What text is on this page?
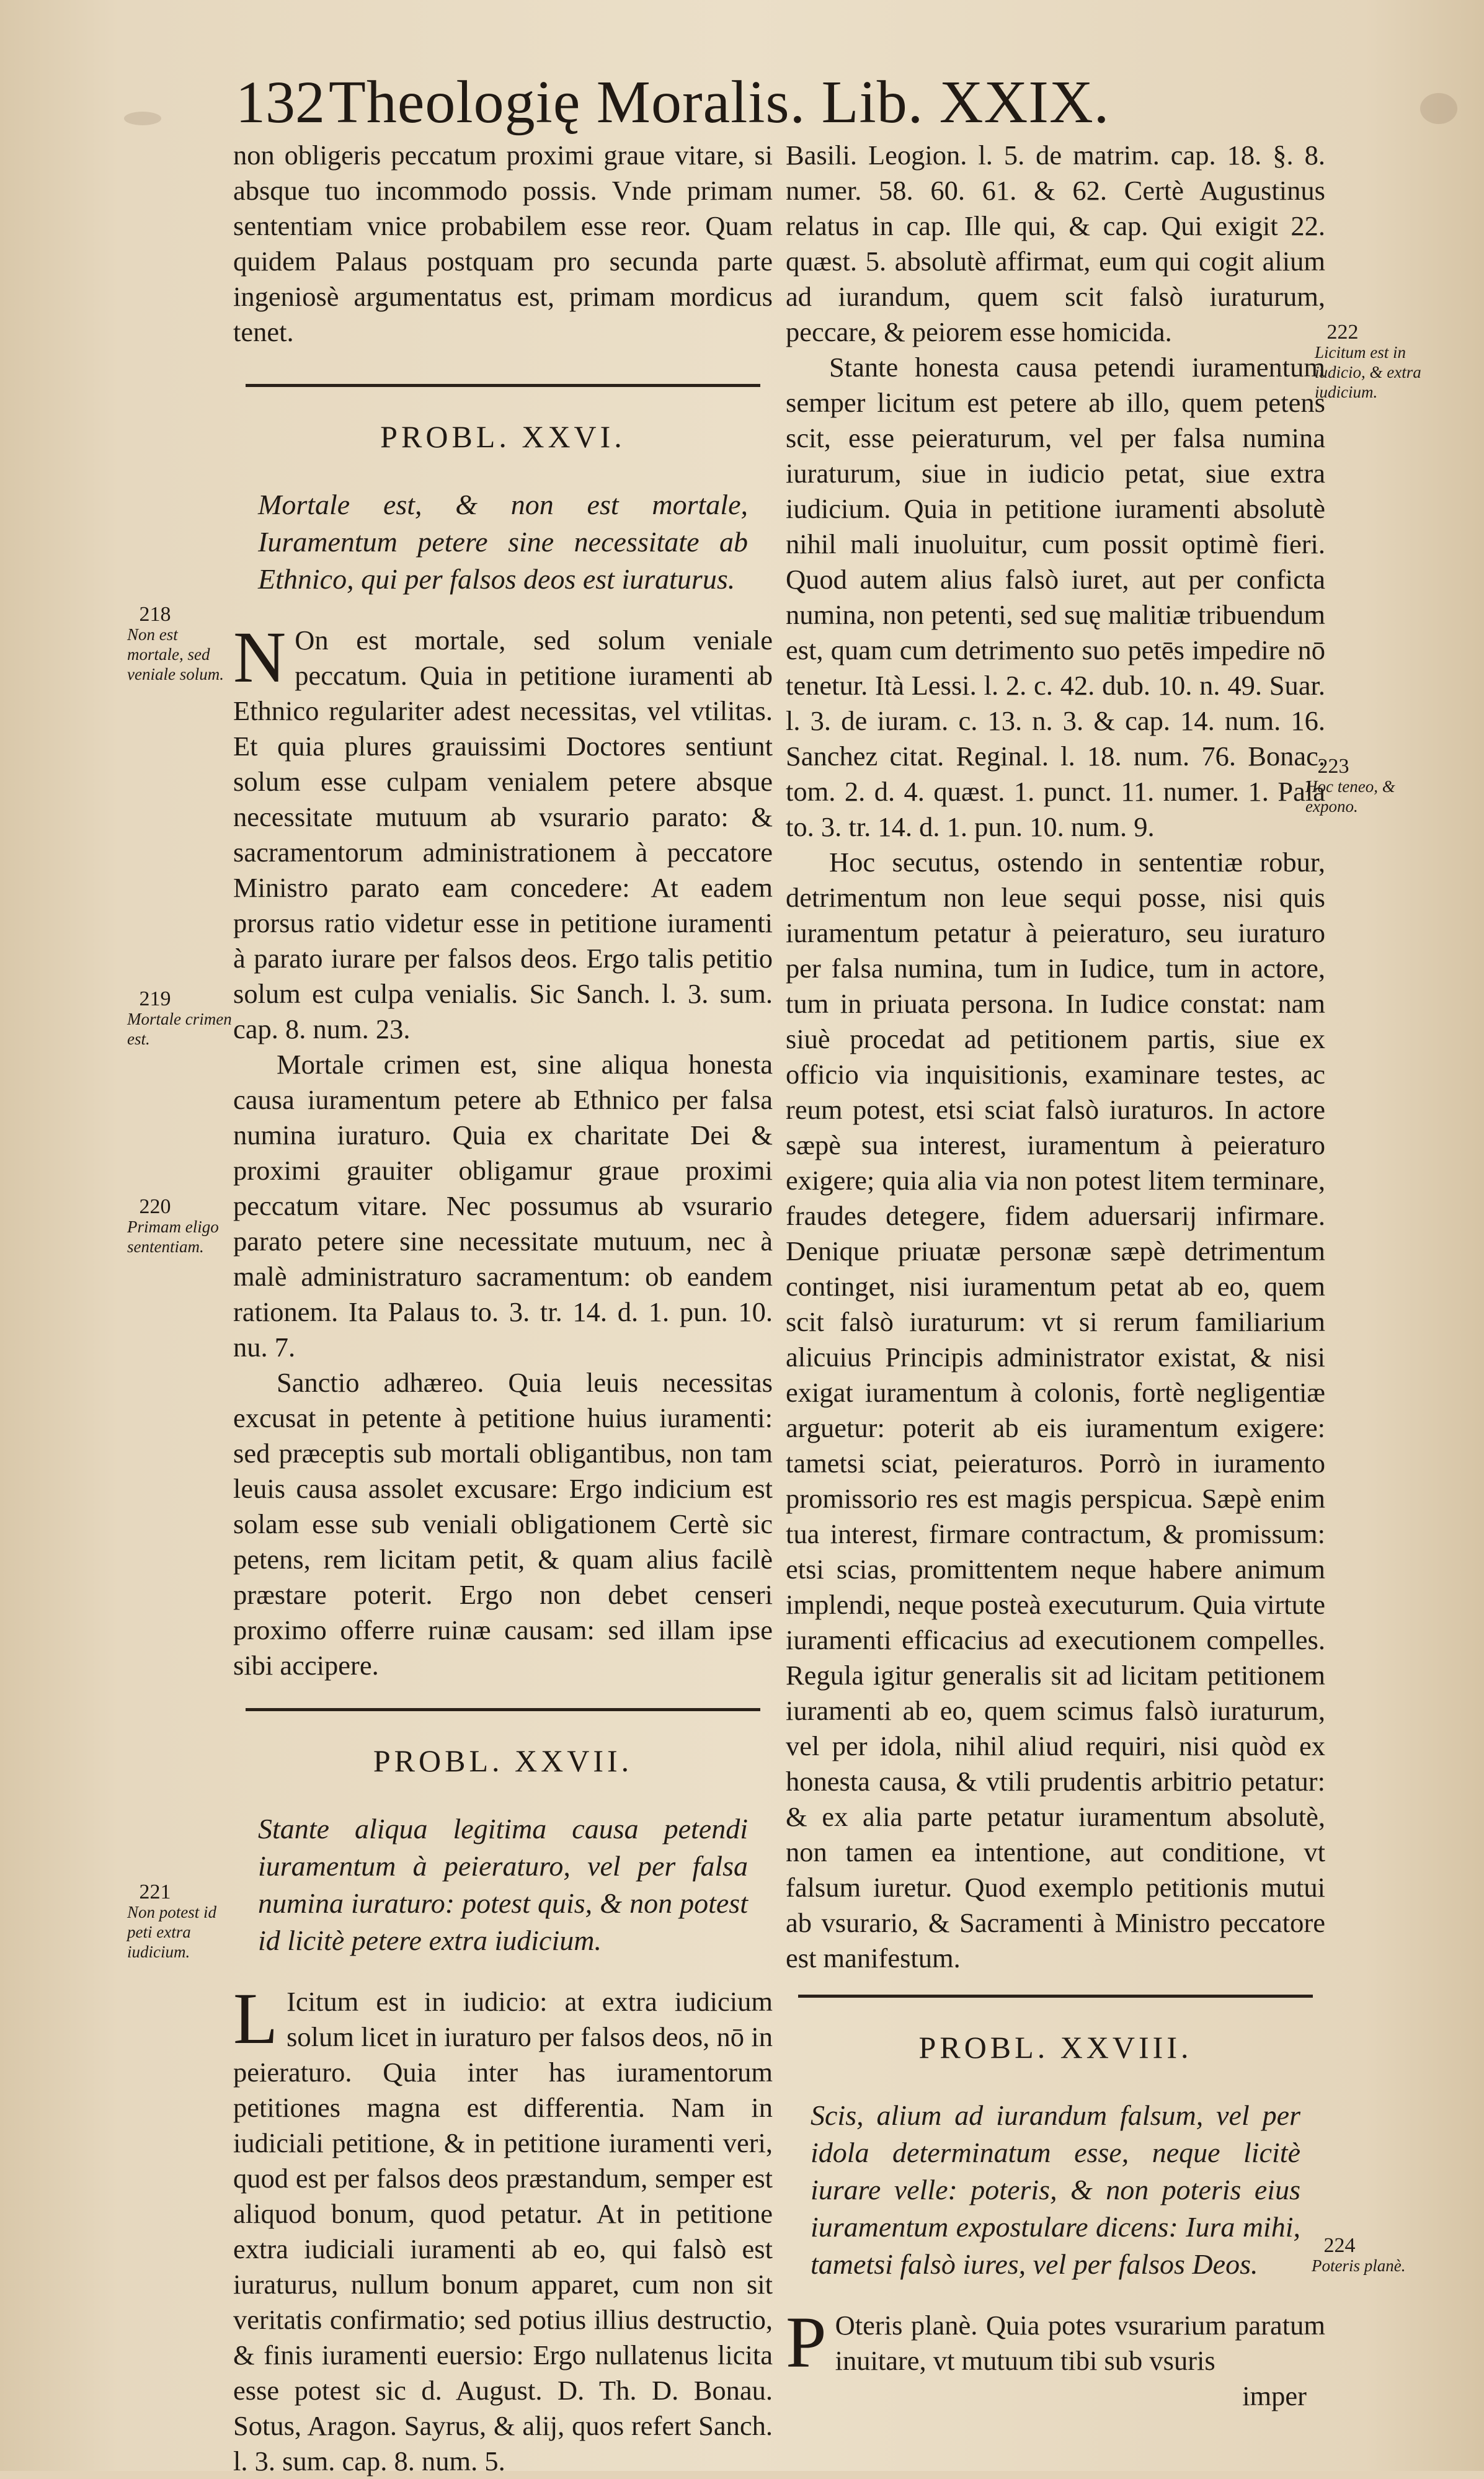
132 Theologię Moralis. Lib. XXIX.

non obligeris peccatum proximi graue vitare, si absque tuo incommodo possis. Vnde primam sententiam vnice probabilem esse reor. Quam quidem Palaus postquam pro secunda parte ingeniosè argumentatus est, primam mordicus tenet.

PROBL. XXVI.

Mortale est, & non est mortale, Iuramentum petere sine necessitate ab Ethnico, qui per falsos deos est iuraturus.

N On est mortale, sed solum veniale peccatum. Quia in petitione iuramenti ab Ethnico regulariter adest necessitas, vel vtilitas. Et quia plures grauissimi Doctores sentiunt solum esse culpam venialem petere absque necessitate mutuum ab vsurario parato: & sacramentorum administrationem à peccatore Ministro parato eam concedere: At eadem prorsus ratio videtur esse in petitione iuramenti à parato iurare per falsos deos. Ergo talis petitio solum est culpa venialis. Sic Sanch. l. 3. sum. cap. 8. num. 23.

Mortale crimen est, sine aliqua honesta causa iuramentum petere ab Ethnico per falsa numina iuraturo. Quia ex charitate Dei & proximi grauiter obligamur graue proximi peccatum vitare. Nec possumus ab vsurario parato petere sine necessitate mutuum, nec à malè administraturo sacramentum: ob eandem rationem. Ita Palaus to. 3. tr. 14. d. 1. pun. 10. nu. 7.

Sanctio adhæreo. Quia leuis necessitas excusat in petente à petitione huius iuramenti: sed præceptis sub mortali obligantibus, non tam leuis causa assolet excusare: Ergo indicium est solam esse sub veniali obligationem Certè sic petens, rem licitam petit, & quam alius facilè præstare poterit. Ergo non debet censeri proximo offerre ruinæ causam: sed illam ipse sibi accipere.

PROBL. XXVII.

Stante aliqua legitima causa petendi iuramentum à peieraturo, vel per falsa numina iuraturo: potest quis, & non potest id licitè petere extra iudicium.

L Icitum est in iudicio: at extra iudicium solum licet in iuraturo per falsos deos, nō in peieraturo. Quia inter has iuramentorum petitiones magna est differentia. Nam in iudiciali petitione, & in petitione iuramenti veri, quod est per falsos deos præstandum, semper est aliquod bonum, quod petatur. At in petitione extra iudiciali iuramenti ab eo, qui falsò est iuraturus, nullum bonum apparet, cum non sit veritatis confirmatio; sed potius illius destructio, & finis iuramenti euersio: Ergo nullatenus licita esse potest sic d. August. D. Th. D. Bonau. Sotus, Aragon. Sayrus, & alij, quos refert Sanch. l. 3. sum. cap. 8. num. 5.

Basili. Leogion. l. 5. de matrim. cap. 18. §. 8. numer. 58. 60. 61. & 62. Certè Augustinus relatus in cap. Ille qui, & cap. Qui exigit 22. quæst. 5. absolutè affirmat, eum qui cogit alium ad iurandum, quem scit falsò iuraturum, peccare, & peiorem esse homicida.

Stante honesta causa petendi iuramentum semper licitum est petere ab illo, quem petens scit, esse peieraturum, vel per falsa numina iuraturum, siue in iudicio petat, siue extra iudicium. Quia in petitione iuramenti absolutè nihil mali inuoluitur, cum possit optimè fieri. Quod autem alius falsò iuret, aut per conficta numina, non petenti, sed suę malitiæ tribuendum est, quam cum detrimento suo petēs impedire nō tenetur. Ità Lessi. l. 2. c. 42. dub. 10. n. 49. Suar. l. 3. de iuram. c. 13. n. 3. & cap. 14. num. 16. Sanchez citat. Reginal. l. 18. num. 76. Bonac. tom. 2. d. 4. quæst. 1. punct. 11. numer. 1. Pala to. 3. tr. 14. d. 1. pun. 10. num. 9.

Hoc secutus, ostendo in sententiæ robur, detrimentum non leue sequi posse, nisi quis iuramentum petatur à peieraturo, seu iuraturo per falsa numina, tum in Iudice, tum in actore, tum in priuata persona. In Iudice constat: nam siuè procedat ad petitionem partis, siue ex officio via inquisitionis, examinare testes, ac reum potest, etsi sciat falsò iuraturos. In actore sæpè sua interest, iuramentum à peieraturo exigere; quia alia via non potest litem terminare, fraudes detegere, fidem aduersarij infirmare. Denique priuatæ personæ sæpè detrimentum continget, nisi iuramentum petat ab eo, quem scit falsò iuraturum: vt si rerum familiarium alicuius Principis administrator existat, & nisi exigat iuramentum à colonis, fortè negligentiæ arguetur: poterit ab eis iuramentum exigere: tametsi sciat, peieraturos. Porrò in iuramento promissorio res est magis perspicua. Sæpè enim tua interest, firmare contractum, & promissum: etsi scias, promittentem neque habere animum implendi, neque posteà executurum. Quia virtute iuramenti efficacius ad executionem compelles. Regula igitur generalis sit ad licitam petitionem iuramenti ab eo, quem scimus falsò iuraturum, vel per idola, nihil aliud requiri, nisi quòd ex honesta causa, & vtili prudentis arbitrio petatur: & ex alia parte petatur iuramentum absolutè, non tamen ea intentione, aut conditione, vt falsum iuretur. Quod exemplo petitionis mutui ab vsurario, & Sacramenti à Ministro peccatore est manifestum.

PROBL. XXVIII.

Scis, alium ad iurandum falsum, vel per idola determinatum esse, neque licitè iurare velle: poteris, & non poteris eius iuramentum expostulare dicens: Iura mihi, tametsi falsò iures, vel per falsos Deos.

P Oteris planè. Quia potes vsurarium paratum inuitare, vt mutuum tibi sub vsuris

imper
218
Non est mortale, sed veniale solum.
219
Mortale crimen est.
220
Primam eligo sententiam.
221
Non potest id peti extra iudicium.
222
Licitum est in iudicio, & extra iudicium.
223
Hoc teneo, & expono.
224
Poteris planè.
